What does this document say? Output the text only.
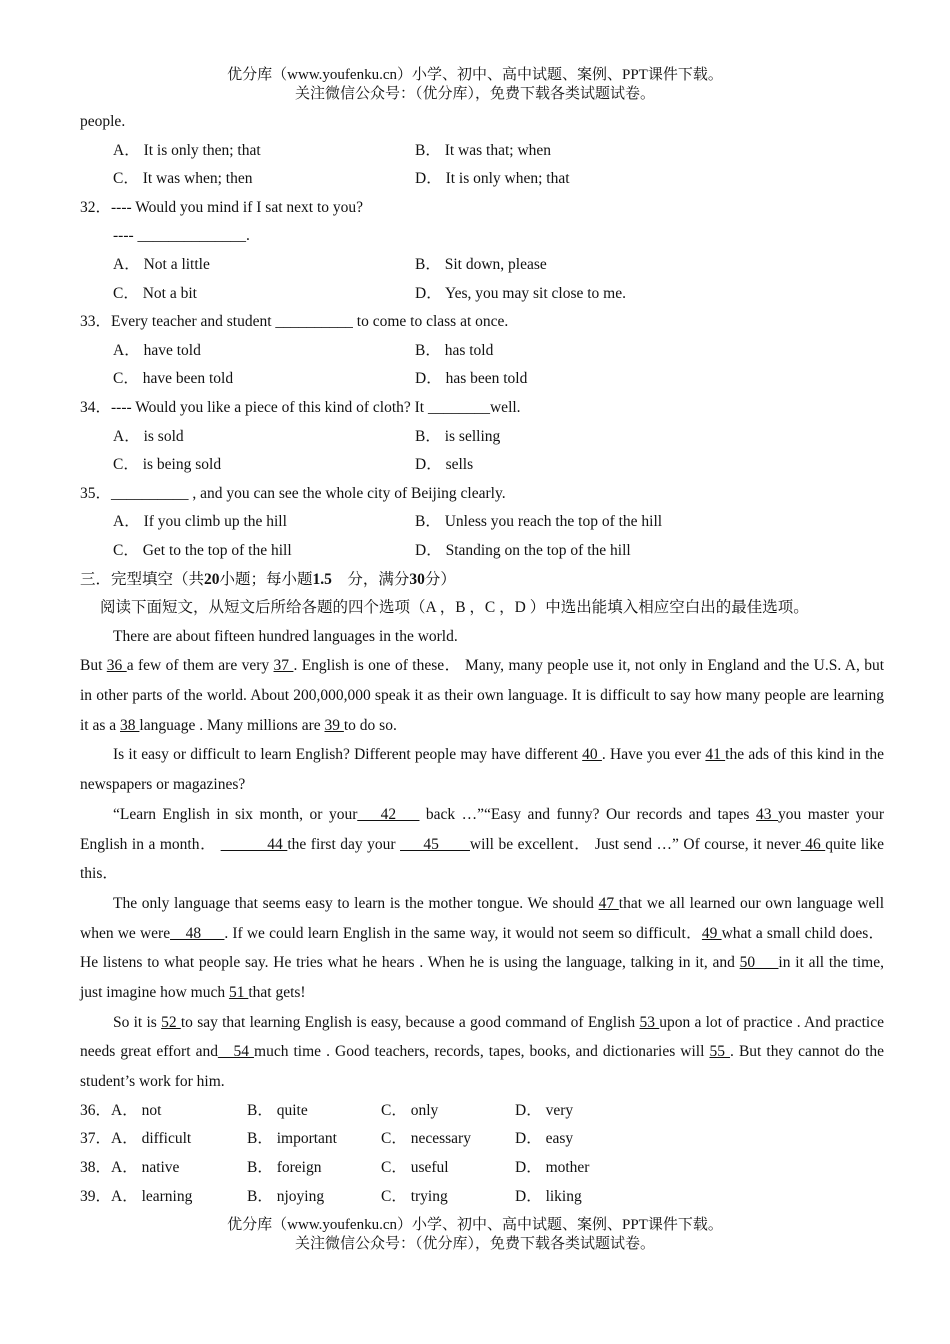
优分库（www.youfenku.cn）小学、初中、高中试题、案例、PPT课件下载。
关注微信公众号：（优分库），免费下载各类试题试卷。
people.
A． It is only then; that	B． It was that; when
C． It was when; then	D． It is only when; that
32．---- Would you mind if I sat next to you?
---- ______________.
A． Not a little	B． Sit down, please
C． Not a bit	D． Yes, you may sit close to me.
33．Every teacher and student __________ to come to class at once.
A． have told	B． has told
C． have been told	D． has been told
34．---- Would you like a piece of this kind of cloth? It ________well.
A． is sold	B． is selling
C． is being sold	D． sells
35．__________ , and you can see the whole city of Beijing clearly.
A． If you climb up the hill	B． Unless you reach the top of the hill
C． Get to the top of the hill	D． Standing on the top of the hill
三．完型填空（共20小题；每小题1.5　分，满分30分）
阅读下面短文，从短文后所给各题的四个选项（A ，B ，C ，D ）中选出能填入相应空白出的最佳选项。
There are about fifteen hundred languages in the world.

But 36 a few of them are very 37 . English is one of these． Many, many people use it, not only in England and the U.S. A, but in other parts of the world. About 200,000,000 speak it as their own language. It is difficult to say how many people are learning it as a 38 language . Many millions are 39 to do so.

Is it easy or difficult to learn English? Different people may have different 40 . Have you ever 41 the ads of this kind in the newspapers or magazines?

“Learn English in six month, or your___42___ back …”“Easy and funny? Our records and tapes 43 you master your English in a month． ______44 the first day your ___45____will be excellent． Just send …” Of course, it never 46 quite like this．

The only language that seems easy to learn is the mother tongue. We should 47 that we all learned our own language well when we were__48___. If we could learn English in the same way, it would not seem so difficult．49 what a small child does． He listens to what people say. He tries what he hears . When he is using the language, talking in it, and 50___in it all the time, just imagine how much 51 that gets!

So it is 52 to say that learning English is easy, because a good command of English 53 upon a lot of practice . And practice needs great effort and__54 much time . Good teachers, records, tapes, books, and dictionaries will 55 . But they cannot do the student’s work for him.

36．A． not	B． quite	C． only	D． very
37．A． difficult	B． important	C． necessary	D． easy
38．A． native	B． foreign	C． useful	D． mother
39．A． learning	B． njoying	C． trying	D． liking
优分库（www.youfenku.cn）小学、初中、高中试题、案例、PPT课件下载。
关注微信公众号：（优分库），免费下载各类试题试卷。
